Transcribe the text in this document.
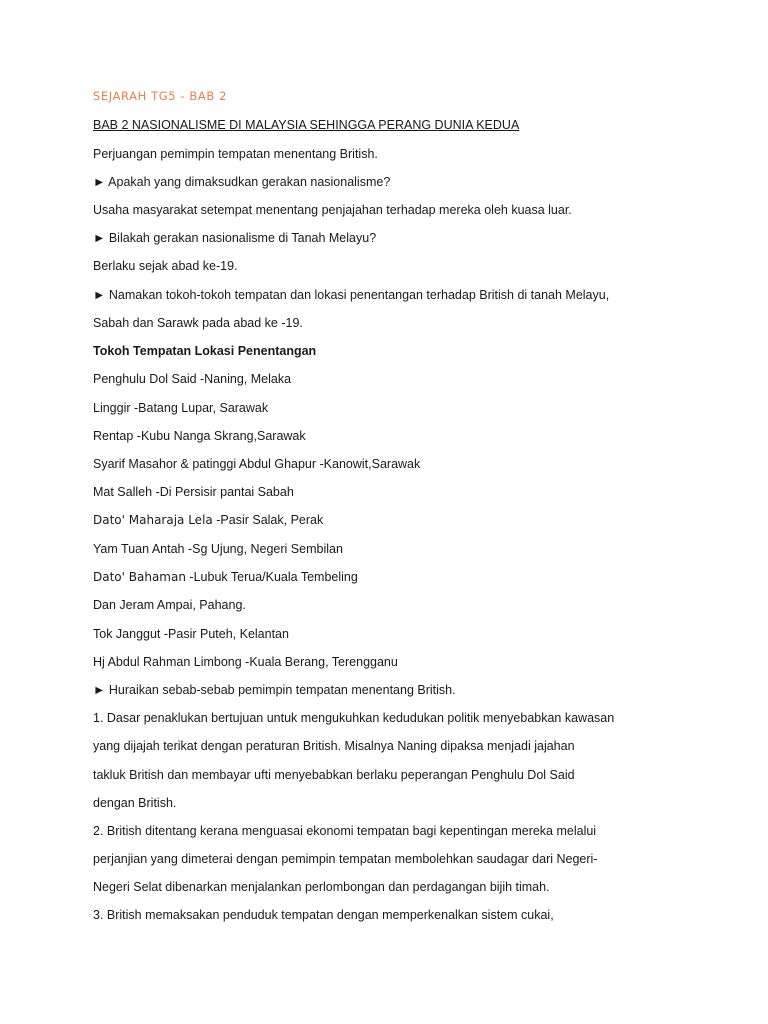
SEJARAH TG5 - BAB 2
BAB 2 NASIONALISME DI MALAYSIA SEHINGGA PERANG DUNIA KEDUA
Perjuangan pemimpin tempatan menentang British.
► Apakah yang dimaksudkan gerakan nasionalisme?
Usaha masyarakat setempat menentang penjajahan terhadap mereka oleh kuasa luar.
► Bilakah gerakan nasionalisme di Tanah Melayu?
Berlaku sejak abad ke-19.
► Namakan tokoh-tokoh tempatan dan lokasi penentangan terhadap British di tanah Melayu,
Sabah dan Sarawk pada abad ke -19.
Tokoh Tempatan Lokasi Penentangan
Penghulu Dol Said -Naning, Melaka
Linggir -Batang Lupar, Sarawak
Rentap -Kubu Nanga Skrang,Sarawak
Syarif Masahor & patinggi Abdul Ghapur -Kanowit,Sarawak
Mat Salleh -Di Persisir pantai Sabah
Dato' Maharaja Lela -Pasir Salak, Perak
Yam Tuan Antah -Sg Ujung, Negeri Sembilan
Dato' Bahaman -Lubuk Terua/Kuala Tembeling
Dan Jeram Ampai, Pahang.
Tok Janggut -Pasir Puteh, Kelantan
Hj Abdul Rahman Limbong -Kuala Berang, Terengganu
► Huraikan sebab-sebab pemimpin tempatan menentang British.
1. Dasar penaklukan bertujuan untuk mengukuhkan kedudukan politik menyebabkan kawasan
yang dijajah terikat dengan peraturan British. Misalnya Naning dipaksa menjadi jajahan
takluk British dan membayar ufti menyebabkan berlaku peperangan Penghulu Dol Said
dengan British.
2. British ditentang kerana menguasai ekonomi tempatan bagi kepentingan mereka melalui
perjanjian yang dimeterai dengan pemimpin tempatan membolehkan saudagar dari Negeri-
Negeri Selat dibenarkan menjalankan perlombongan dan perdagangan bijih timah.
3. British memaksakan penduduk tempatan dengan memperkenalkan sistem cukai,
